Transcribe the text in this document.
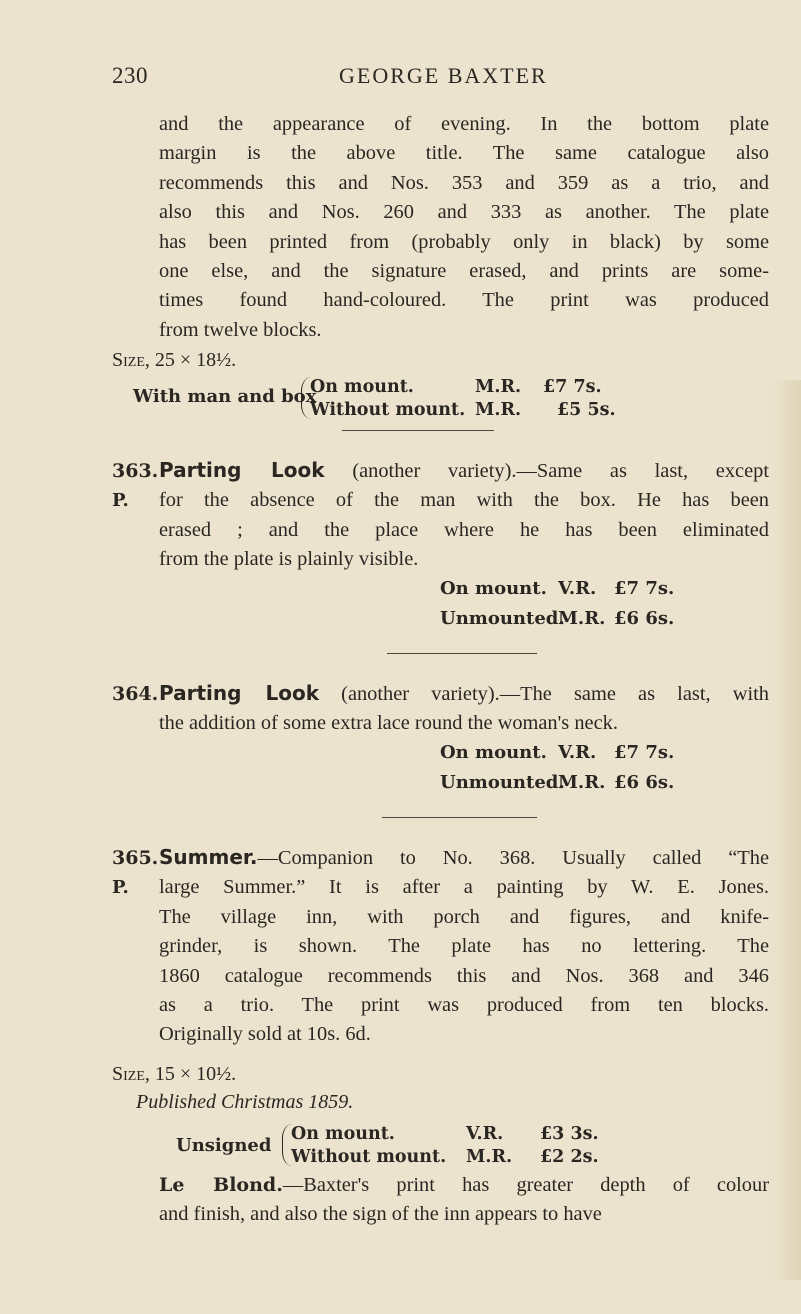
230	GEORGE BAXTER
and the appearance of evening. In the bottom plate
margin is the above title. The same catalogue also
recommends this and Nos. 353 and 359 as a trio, and
also this and Nos. 260 and 333 as another. The plate
has been printed from (probably only in black) by some
one else, and the signature erased, and prints are some-
times found hand-coloured. The print was produced
from twelve blocks.
Size, 25 × 18½.
With man and box
On mount.	M.R.	£7 7s.
Without mount. M.R.	£5 5s.
363.
P.
Parting Look (another variety).—Same as last, except
for the absence of the man with the box. He has been
erased ; and the place where he has been eliminated
from the plate is plainly visible.
On mount. V.R. £7 7s.
Unmounted.M.R. £6 6s.
364. Parting Look (another variety).—The same as last, with
the addition of some extra lace round the woman's neck.
On mount. V.R. £7 7s.
Unmounted.M.R. £6 6s.
365.
P.
Summer.—Companion to No. 368. Usually called “The
large Summer.” It is after a painting by W. E. Jones.
The village inn, with porch and figures, and knife-
grinder, is shown. The plate has no lettering. The
1860 catalogue recommends this and Nos. 368 and 346
as a trio. The print was produced from ten blocks.
Originally sold at 10s. 6d.
Size, 15 × 10½.
Published Christmas 1859.
Unsigned
On mount.	V.R.	£3 3s.
Without mount.	M.R.	£2 2s.
Le Blond.—Baxter's print has greater depth of colour
and finish, and also the sign of the inn appears to have
